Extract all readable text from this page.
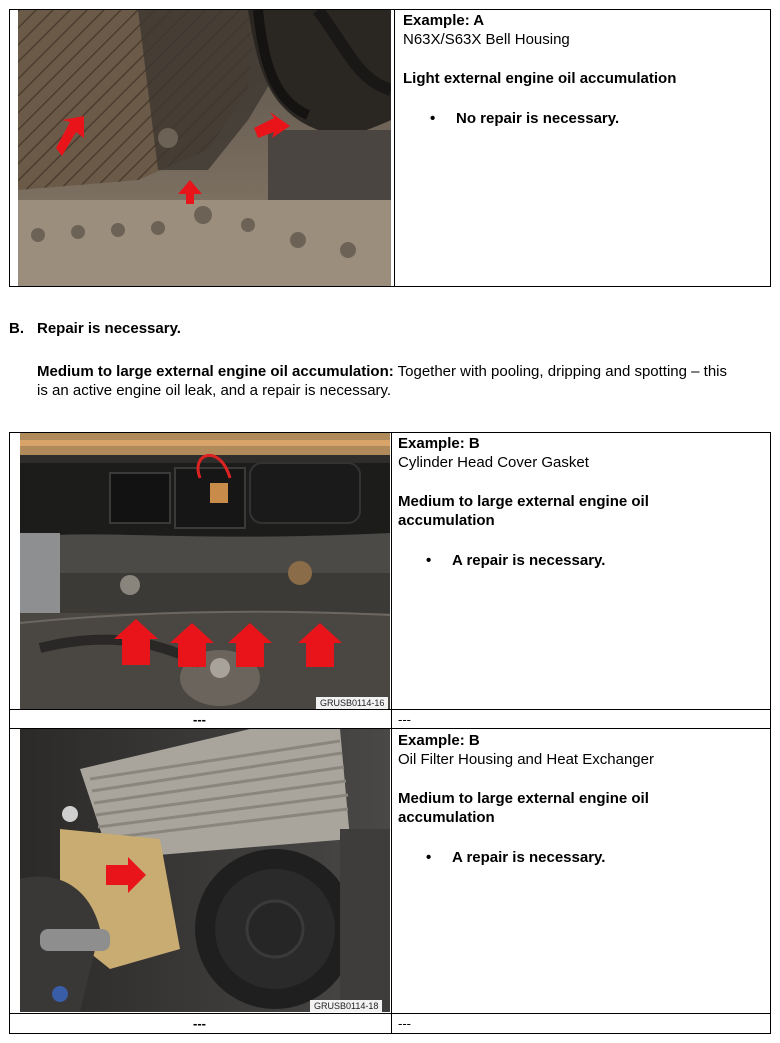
Example: A
N63X/S63X Bell Housing
Light external engine oil accumulation
• No repair is necessary.
B. Repair is necessary.
Medium to large external engine oil accumulation: Together with pooling, dripping and spotting – this is an active engine oil leak, and a repair is necessary.
GRUSB0114-16
Example: B
Cylinder Head Cover Gasket
Medium to large external engine oil accumulation
• A repair is necessary.
---	---
GRUSB0114-18
Example: B
Oil Filter Housing and Heat Exchanger
Medium to large external engine oil accumulation
• A repair is necessary.
---	---
